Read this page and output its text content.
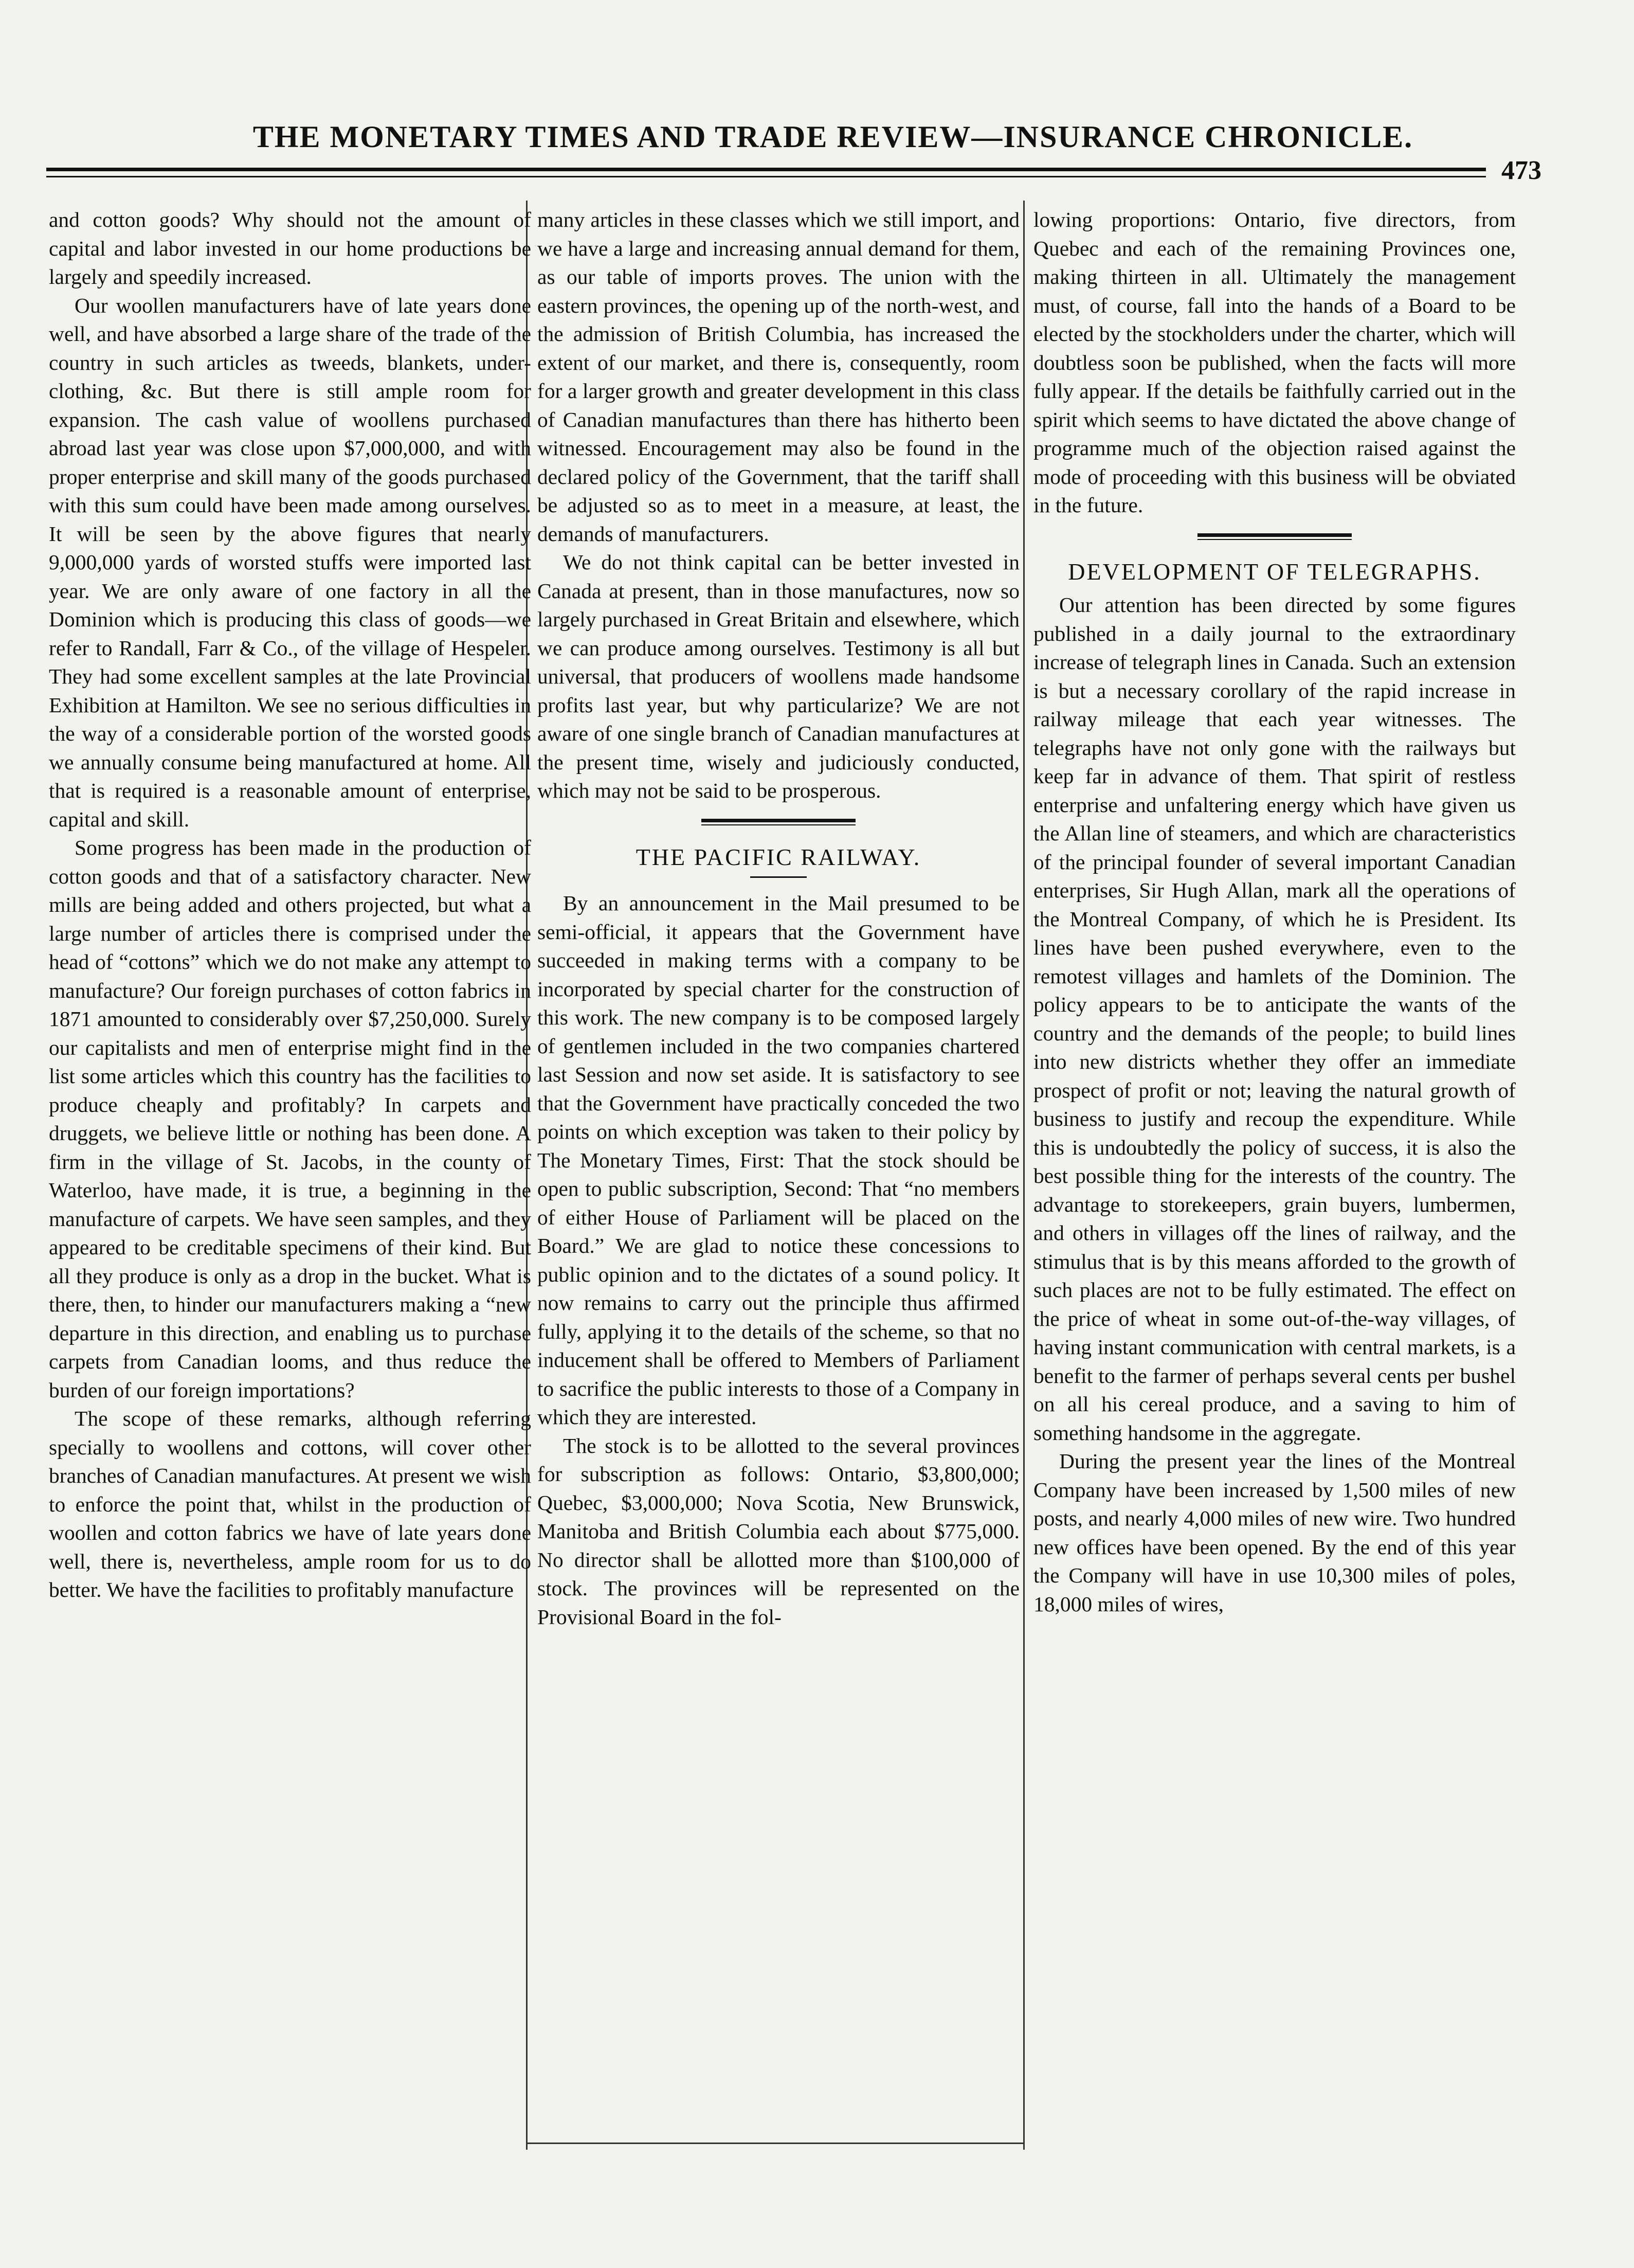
THE MONETARY TIMES AND TRADE REVIEW—INSURANCE CHRONICLE.
473

and cotton goods? Why should not the amount of capital and labor invested in our home productions be largely and speedily increased.

Our woollen manufacturers have of late years done well, and have absorbed a large share of the trade of the country in such articles as tweeds, blankets, under-clothing, &c. But there is still ample room for expansion. The cash value of woollens purchased abroad last year was close upon $7,000,000, and with proper enterprise and skill many of the goods purchased with this sum could have been made among ourselves. It will be seen by the above figures that nearly 9,000,000 yards of worsted stuffs were imported last year. We are only aware of one factory in all the Dominion which is producing this class of goods—we refer to Randall, Farr & Co., of the village of Hespeler. They had some excellent samples at the late Provincial Exhibition at Hamilton. We see no serious difficulties in the way of a considerable portion of the worsted goods we annually consume being manufactured at home. All that is required is a reasonable amount of enterprise, capital and skill.

Some progress has been made in the production of cotton goods and that of a satisfactory character. New mills are being added and others projected, but what a large number of articles there is comprised under the head of “cottons” which we do not make any attempt to manufacture? Our foreign purchases of cotton fabrics in 1871 amounted to considerably over $7,250,000. Surely our capitalists and men of enterprise might find in the list some articles which this country has the facilities to produce cheaply and profitably? In carpets and druggets, we believe little or nothing has been done. A firm in the village of St. Jacobs, in the county of Waterloo, have made, it is true, a beginning in the manufacture of carpets. We have seen samples, and they appeared to be creditable specimens of their kind. But all they produce is only as a drop in the bucket. What is there, then, to hinder our manufacturers making a “new departure in this direction, and enabling us to purchase carpets from Canadian looms, and thus reduce the burden of our foreign importations?

The scope of these remarks, although referring specially to woollens and cottons, will cover other branches of Canadian manufactures. At present we wish to enforce the point that, whilst in the production of woollen and cotton fabrics we have of late years done well, there is, nevertheless, ample room for us to do better. We have the facilities to profitably manufacture

many articles in these classes which we still import, and we have a large and increasing annual demand for them, as our table of imports proves. The union with the eastern provinces, the opening up of the north-west, and the admission of British Columbia, has increased the extent of our market, and there is, consequently, room for a larger growth and greater development in this class of Canadian manufactures than there has hitherto been witnessed. Encouragement may also be found in the declared policy of the Government, that the tariff shall be adjusted so as to meet in a measure, at least, the demands of manufacturers.

We do not think capital can be better invested in Canada at present, than in those manufactures, now so largely purchased in Great Britain and elsewhere, which we can produce among ourselves. Testimony is all but universal, that producers of woollens made handsome profits last year, but why particularize? We are not aware of one single branch of Canadian manufactures at the present time, wisely and judiciously conducted, which may not be said to be prosperous.

THE PACIFIC RAILWAY.

By an announcement in the Mail presumed to be semi-official, it appears that the Government have succeeded in making terms with a company to be incorporated by special charter for the construction of this work. The new company is to be composed largely of gentlemen included in the two companies chartered last Session and now set aside. It is satisfactory to see that the Government have practically conceded the two points on which exception was taken to their policy by The Monetary Times, First: That the stock should be open to public subscription, Second: That “no members of either House of Parliament will be placed on the Board.” We are glad to notice these concessions to public opinion and to the dictates of a sound policy. It now remains to carry out the principle thus affirmed fully, applying it to the details of the scheme, so that no inducement shall be offered to Members of Parliament to sacrifice the public interests to those of a Company in which they are interested.

The stock is to be allotted to the several provinces for subscription as follows: Ontario, $3,800,000; Quebec, $3,000,000; Nova Scotia, New Brunswick, Manitoba and British Columbia each about $775,000. No director shall be allotted more than $100,000 of stock. The provinces will be represented on the Provisional Board in the fol-

lowing proportions: Ontario, five directors, from Quebec and each of the remaining Provinces one, making thirteen in all. Ultimately the management must, of course, fall into the hands of a Board to be elected by the stockholders under the charter, which will doubtless soon be published, when the facts will more fully appear. If the details be faithfully carried out in the spirit which seems to have dictated the above change of programme much of the objection raised against the mode of proceeding with this business will be obviated in the future.

DEVELOPMENT OF TELEGRAPHS.

Our attention has been directed by some figures published in a daily journal to the extraordinary increase of telegraph lines in Canada. Such an extension is but a necessary corollary of the rapid increase in railway mileage that each year witnesses. The telegraphs have not only gone with the railways but keep far in advance of them. That spirit of restless enterprise and unfaltering energy which have given us the Allan line of steamers, and which are characteristics of the principal founder of several important Canadian enterprises, Sir Hugh Allan, mark all the operations of the Montreal Company, of which he is President. Its lines have been pushed everywhere, even to the remotest villages and hamlets of the Dominion. The policy appears to be to anticipate the wants of the country and the demands of the people; to build lines into new districts whether they offer an immediate prospect of profit or not; leaving the natural growth of business to justify and recoup the expenditure. While this is undoubtedly the policy of success, it is also the best possible thing for the interests of the country. The advantage to storekeepers, grain buyers, lumbermen, and others in villages off the lines of railway, and the stimulus that is by this means afforded to the growth of such places are not to be fully estimated. The effect on the price of wheat in some out-of-the-way villages, of having instant communication with central markets, is a benefit to the farmer of perhaps several cents per bushel on all his cereal produce, and a saving to him of something handsome in the aggregate.

During the present year the lines of the Montreal Company have been increased by 1,500 miles of new posts, and nearly 4,000 miles of new wire. Two hundred new offices have been opened. By the end of this year the Company will have in use 10,300 miles of poles, 18,000 miles of wires,
